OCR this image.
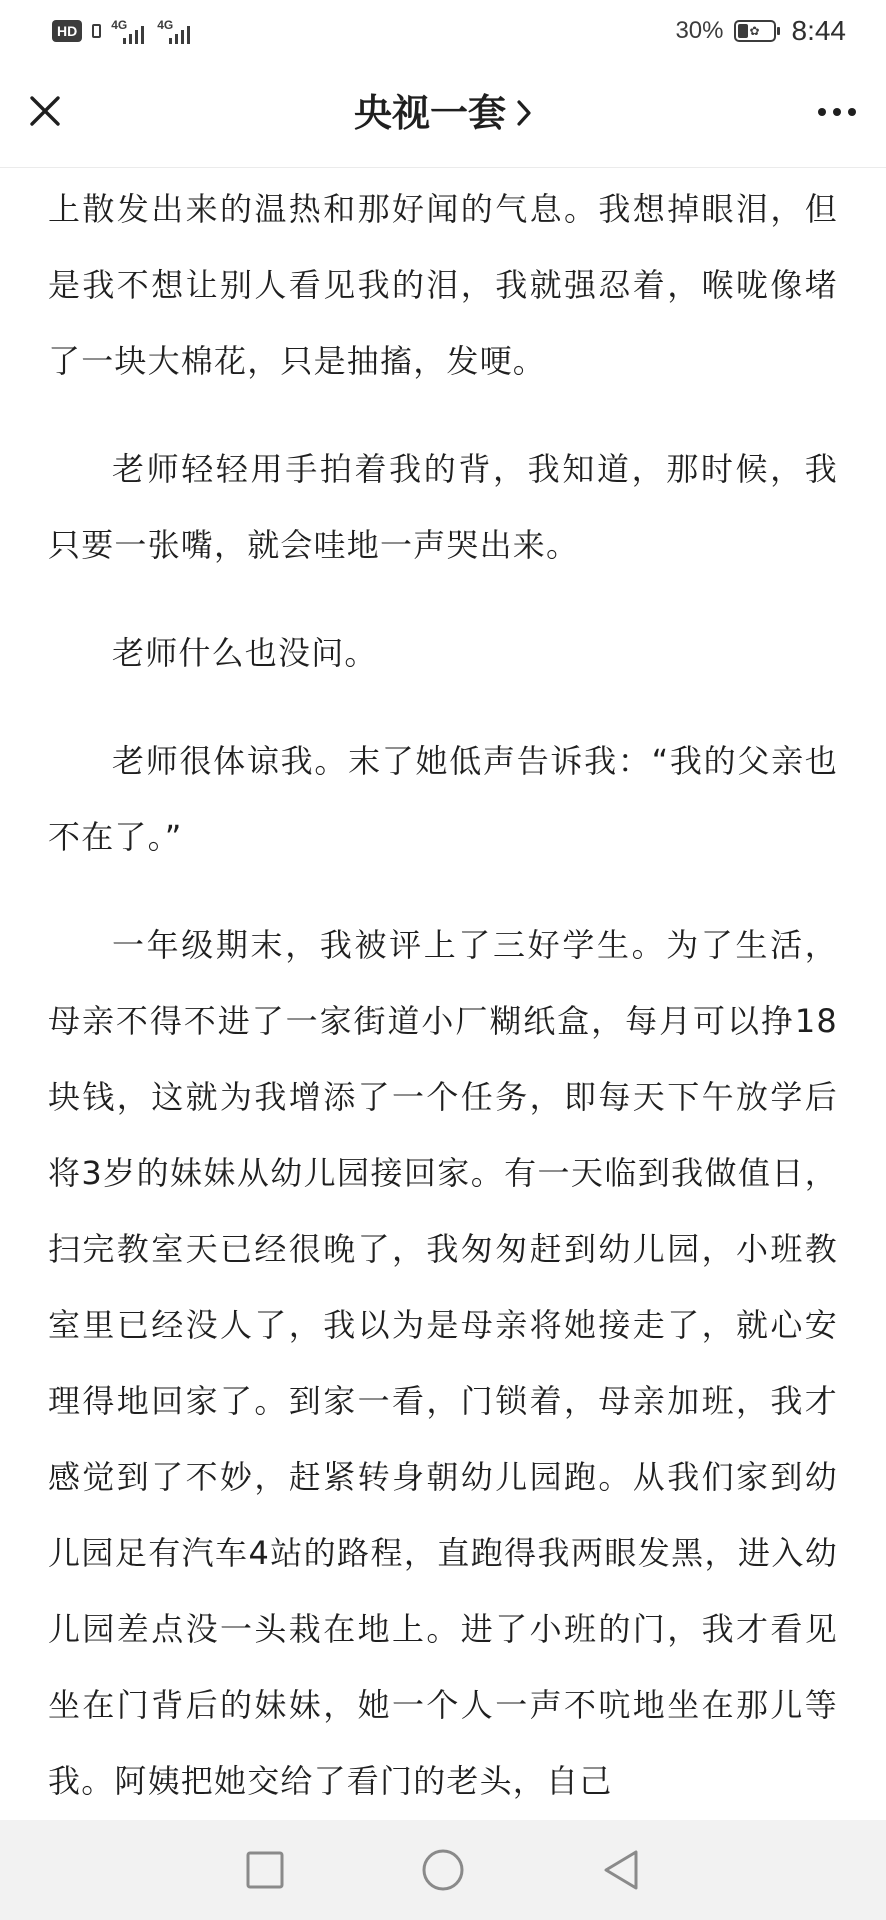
HD	4G 4G	30% ✿ 8:44
央视一套

上散发出来的温热和那好闻的气息。我想掉眼泪，但是我不想让别人看见我的泪，我就强忍着，喉咙像堵了一块大棉花，只是抽搐，发哽。

老师轻轻用手拍着我的背，我知道，那时候，我只要一张嘴，就会哇地一声哭出来。

老师什么也没问。

老师很体谅我。末了她低声告诉我：“我的父亲也不在了。”

一年级期末，我被评上了三好学生。为了生活，母亲不得不进了一家街道小厂糊纸盒，每月可以挣18块钱，这就为我增添了一个任务，即每天下午放学后将3岁的妹妹从幼儿园接回家。有一天临到我做值日，扫完教室天已经很晚了，我匆匆赶到幼儿园，小班教室里已经没人了，我以为是母亲将她接走了，就心安理得地回家了。到家一看，门锁着，母亲加班，我才感觉到了不妙，赶紧转身朝幼儿园跑。从我们家到幼儿园足有汽车4站的路程，直跑得我两眼发黑，进入幼儿园差点没一头栽在地上。进了小班的门，我才看见坐在门背后的妹妹，她一个人一声不吭地坐在那儿等我。阿姨把她交给了看门的老头，自己
